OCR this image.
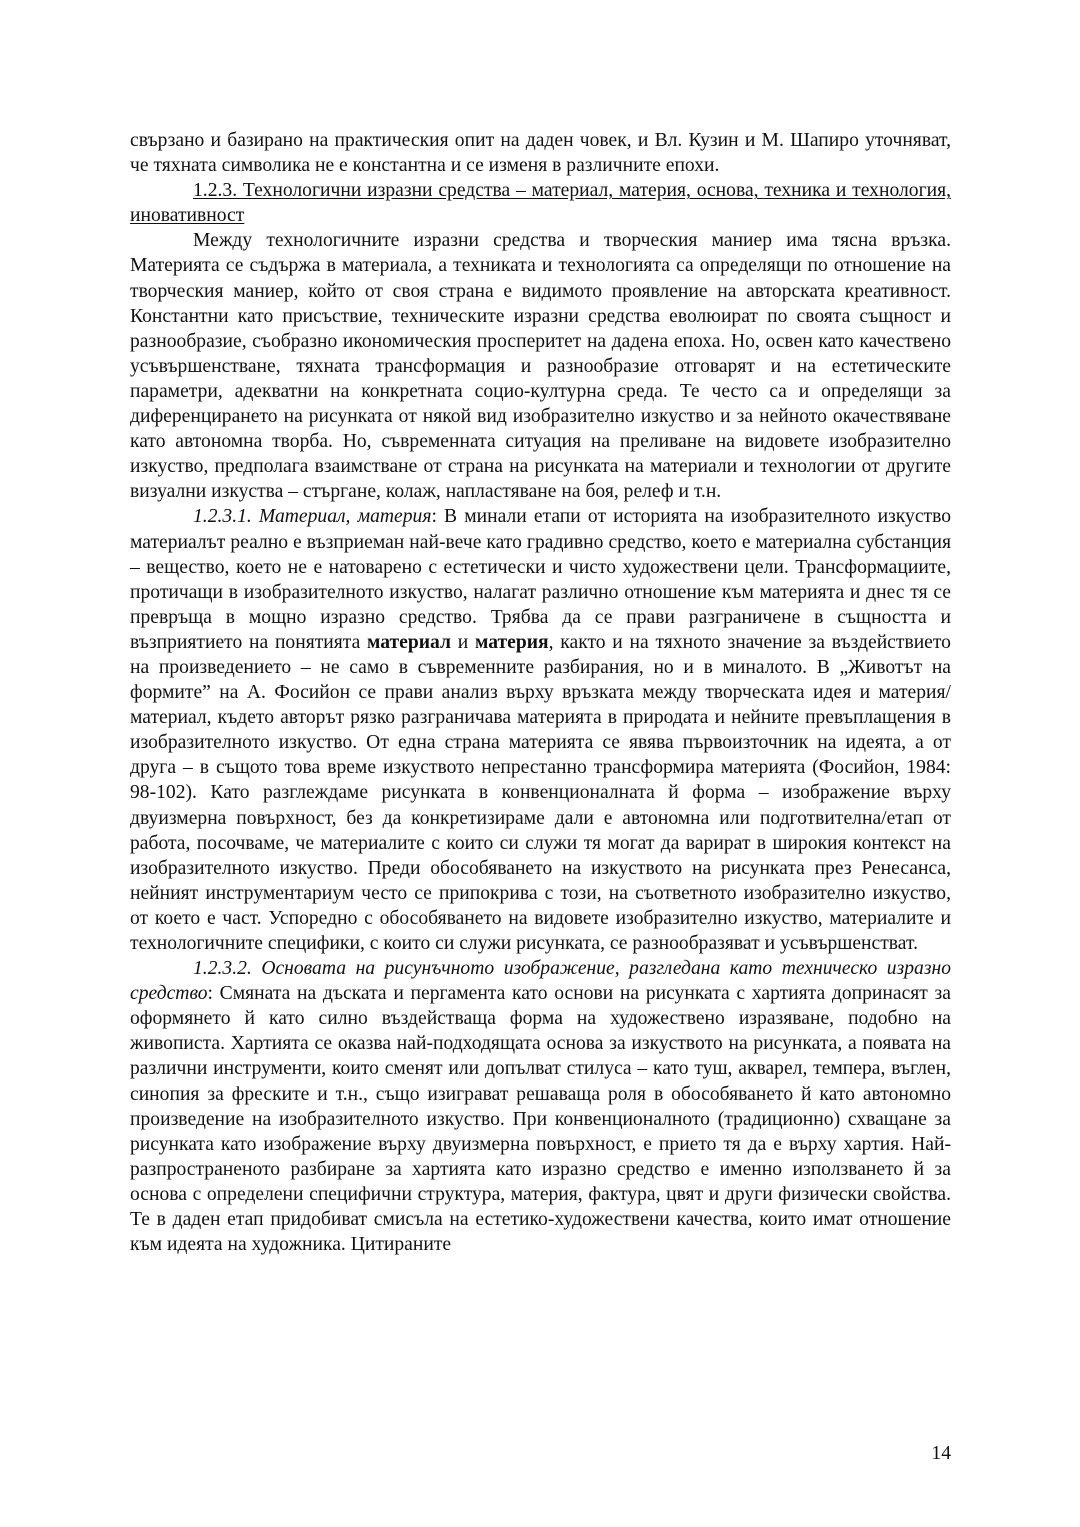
свързано и базирано на практическия опит на даден човек, и Вл. Кузин и М. Шапиро уточняват, че тяхната символика не е константна и се изменя в различните епохи.

1.2.3. Технологични изразни средства – материал, материя, основа, техника и технология, иновативност

Между технологичните изразни средства и творческия маниер има тясна връзка. Материята се съдържа в материала, а техниката и технологията са определящи по отношение на творческия маниер, който от своя страна е видимото проявление на авторската креативност. Константни като присъствие, техническите изразни средства еволюират по своята същност и разнообразие, съобразно икономическия просперитет на дадена епоха. Но, освен като качествено усъвършенстване, тяхната трансформация и разнообразие отговарят и на естетическите параметри, адекватни на конкретната социо-културна среда. Те често са и определящи за диференцирането на рисунката от някой вид изобразително изкуство и за нейното окачествяване като автономна творба. Но, съвременната ситуация на преливане на видовете изобразително изкуство, предполага взаимстване от страна на рисунката на материали и технологии от другите визуални изкуства – стъргане, колаж, напластяване на боя, релеф и т.н.

1.2.3.1. Материал, материя: В минали етапи от историята на изобразителното изкуство материалът реално е възприеман най-вече като градивно средство, което е материална субстанция – вещество, което не е натоварено с естетически и чисто художествени цели. Трансформациите, протичащи в изобразителното изкуство, налагат различно отношение към материята и днес тя се превръща в мощно изразно средство. Трябва да се прави разграничене в същността и възприятието на понятията материал и материя, както и на тяхното значение за въздействието на произведението – не само в съвременните разбирания, но и в миналото. В „Животът на формите” на А. Фосийон се прави анализ върху връзката между творческата идея и материя/материал, където авторът рязко разграничава материята в природата и нейните превъплащения в изобразителното изкуство. От една страна материята се явява първоизточник на идеята, а от друга – в същото това време изкуството непрестанно трансформира материята (Фосийон, 1984: 98-102). Като разглеждаме рисунката в конвенционалната й форма – изображение върху двуизмерна повърхност, без да конкретизираме дали е автономна или подготвителна/етап от работа, посочваме, че материалите с които си служи тя могат да варират в широкия контекст на изобразителното изкуство. Преди обособяването на изкуството на рисунката през Ренесанса, нейният инструментариум често се припокрива с този, на съответното изобразително изкуство, от което е част. Успоредно с обособяването на видовете изобразително изкуство, материалите и технологичните специфики, с които си служи рисунката, се разнообразяват и усъвършенстват.

1.2.3.2. Основата на рисунъчното изображение, разгледана като техническо изразно средство: Смяната на дъската и пергамента като основи на рисунката с хартията допринасят за оформянето й като силно въздействаща форма на художествено изразяване, подобно на живописта. Хартията се оказва най-подходящата основа за изкуството на рисунката, а появата на различни инструменти, които сменят или допълват стилуса – като туш, акварел, темпера, въглен, синопия за фреските и т.н., също изиграват решаваща роля в обособяването й като автономно произведение на изобразителното изкуство. При конвенционалното (традиционно) схващане за рисунката като изображение върху двуизмерна повърхност, е прието тя да е върху хартия. Най-разпространеното разбиране за хартията като изразно средство е именно използването й за основа с определени специфични структура, материя, фактура, цвят и други физически свойства. Те в даден етап придобиват смисъла на естетико-художествени качества, които имат отношение към идеята на художника. Цитираните

14
